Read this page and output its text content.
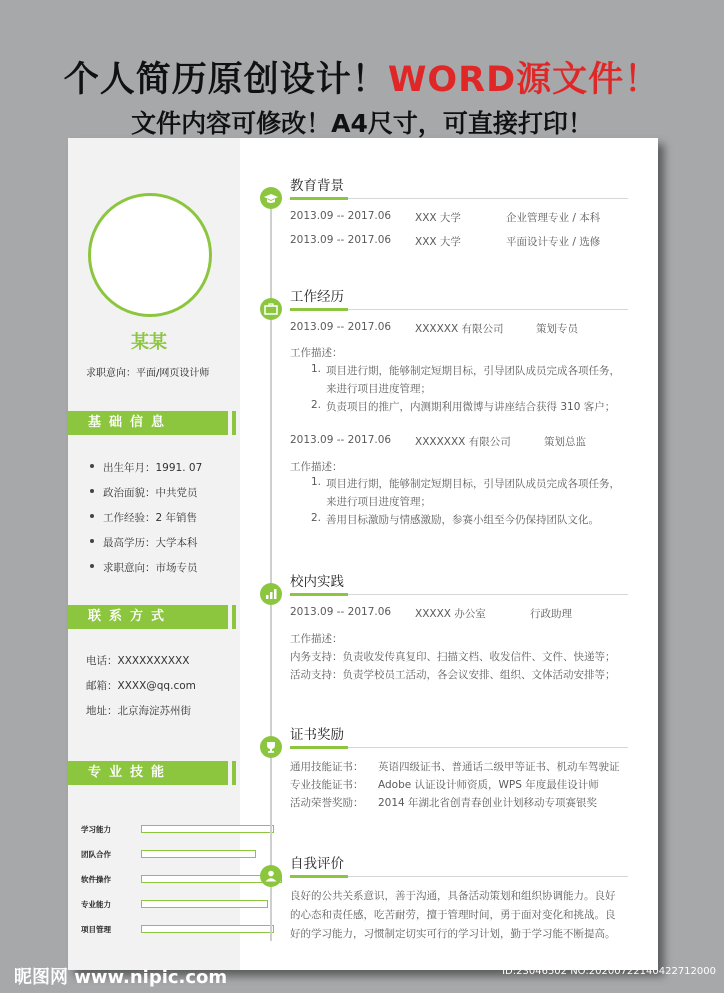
个人简历原创设计！WORD源文件！
文件内容可修改！A4尺寸，可直接打印！
某某
求职意向：平面/网页设计师
基础信息
出生年月：1991. 07
政治面貌：中共党员
工作经验：2 年销售
最高学历：大学本科
求职意向：市场专员
联系方式
电话：XXXXXXXXXX
邮箱：XXXX@qq.com
地址：北京海淀苏州街
专业技能
学习能力
团队合作
软件操作
专业能力
项目管理
教育背景
2013.09 -- 2017.06 XXX 大学	企业管理专业 / 本科
2013.09 -- 2017.06 XXX 大学	平面设计专业 / 选修
工作经历
2013.09 -- 2017.06 XXXXXX 有限公司	策划专员
工作描述：
1. 项目进行期，能够制定短期目标，引导团队成员完成各项任务，
来进行项目进度管理；
2. 负责项目的推广，内测期利用微博与讲座结合获得 310 客户；
2013.09 -- 2017.06 XXXXXXX 有限公司	策划总监
工作描述：
1. 项目进行期，能够制定短期目标，引导团队成员完成各项任务，
来进行项目进度管理；
2. 善用目标激励与情感激励，参赛小组至今仍保持团队文化。
校内实践
2013.09 -- 2017.06 XXXXX 办公室	行政助理
工作描述：
内务支持：负责收发传真复印、扫描文档、收发信件、文件、快递等；
活动支持：负责学校员工活动，各会议安排、组织、文体活动安排等；
证书奖励
通用技能证书： 英语四级证书、普通话二级甲等证书、机动车驾驶证
专业技能证书： Adobe 认证设计师资质，WPS 年度最佳设计师
活动荣誉奖励： 2014 年湖北省创青春创业计划移动专项赛银奖
自我评价
良好的公共关系意识，善于沟通，具备活动策划和组织协调能力。良好
的心态和责任感，吃苦耐劳，擅于管理时间，勇于面对变化和挑战。良
好的学习能力，习惯制定切实可行的学习计划，勤于学习能不断提高。
昵图网 www.nipic.com	ID:23046502 NO:20200722140422712000
